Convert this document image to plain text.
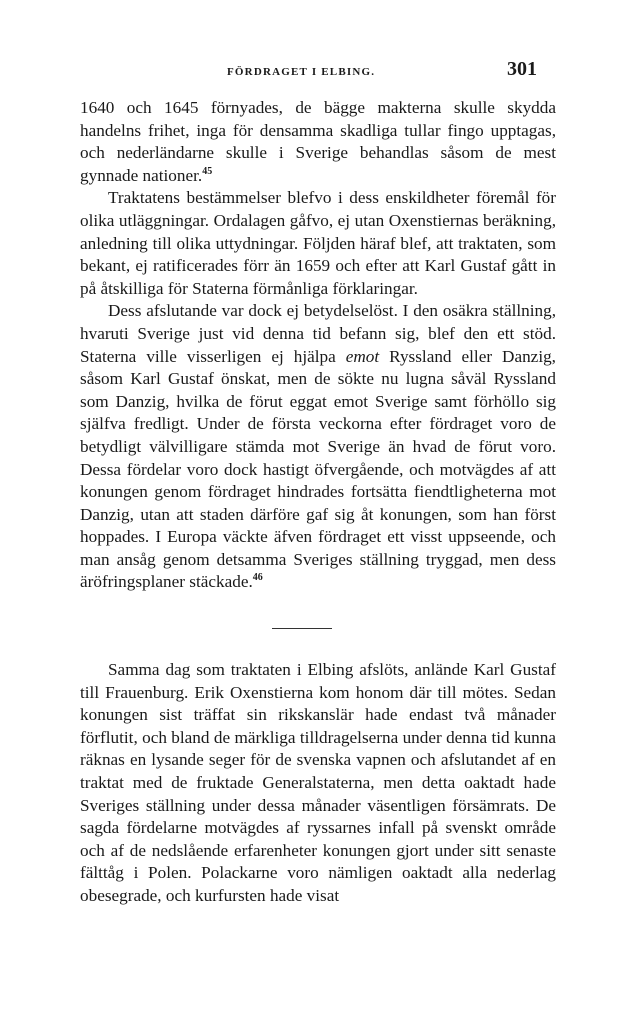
FÖRDRAGET I ELBING.	301

1640 och 1645 förnyades, de bägge makterna skulle skydda handelns frihet, inga för densamma skadliga tullar fingo upptagas, och nederländarne skulle i Sverige behandlas såsom de mest gynnade nationer.$^{45}$

Traktatens bestämmelser blefvo i dess enskildheter föremål för olika utläggningar. Ordalagen gåfvo, ej utan Oxenstiernas beräkning, anledning till olika uttydningar. Följden häraf blef, att traktaten, som bekant, ej ratificerades förr än 1659 och efter att Karl Gustaf gått in på åtskilliga för Staterna förmånliga förklaringar.

Dess afslutande var dock ej betydelselöst. I den osäkra ställning, hvaruti Sverige just vid denna tid befann sig, blef den ett stöd. Staterna ville visserligen ej hjälpa emot Ryssland eller Danzig, såsom Karl Gustaf önskat, men de sökte nu lugna såväl Ryssland som Danzig, hvilka de förut eggat emot Sverige samt förhöllo sig själfva fredligt. Under de första veckorna efter fördraget voro de betydligt välvilligare stämda mot Sverige än hvad de förut voro. Dessa fördelar voro dock hastigt öfvergående, och motvägdes af att konungen genom fördraget hindrades fortsätta fiendtligheterna mot Danzig, utan att staden därföre gaf sig åt konungen, som han först hoppades. I Europa väckte äfven fördraget ett visst uppseende, och man ansåg genom detsamma Sveriges ställning tryggad, men dess äröfringsplaner stäckade.$^{46}$

Samma dag som traktaten i Elbing afslöts, anlände Karl Gustaf till Frauenburg. Erik Oxenstierna kom honom där till mötes. Sedan konungen sist träffat sin rikskanslär hade endast två månader förflutit, och bland de märkliga tilldragelserna under denna tid kunna räknas en lysande seger för de svenska vapnen och afslutandet af en traktat med de fruktade Generalstaterna, men detta oaktadt hade Sveriges ställning under dessa månader väsentligen försämrats. De sagda fördelarne motvägdes af ryssarnes infall på svenskt område och af de nedslående erfarenheter konungen gjort under sitt senaste fälttåg i Polen. Polackarne voro nämligen oaktadt alla nederlag obesegrade, och kurfursten hade visat
